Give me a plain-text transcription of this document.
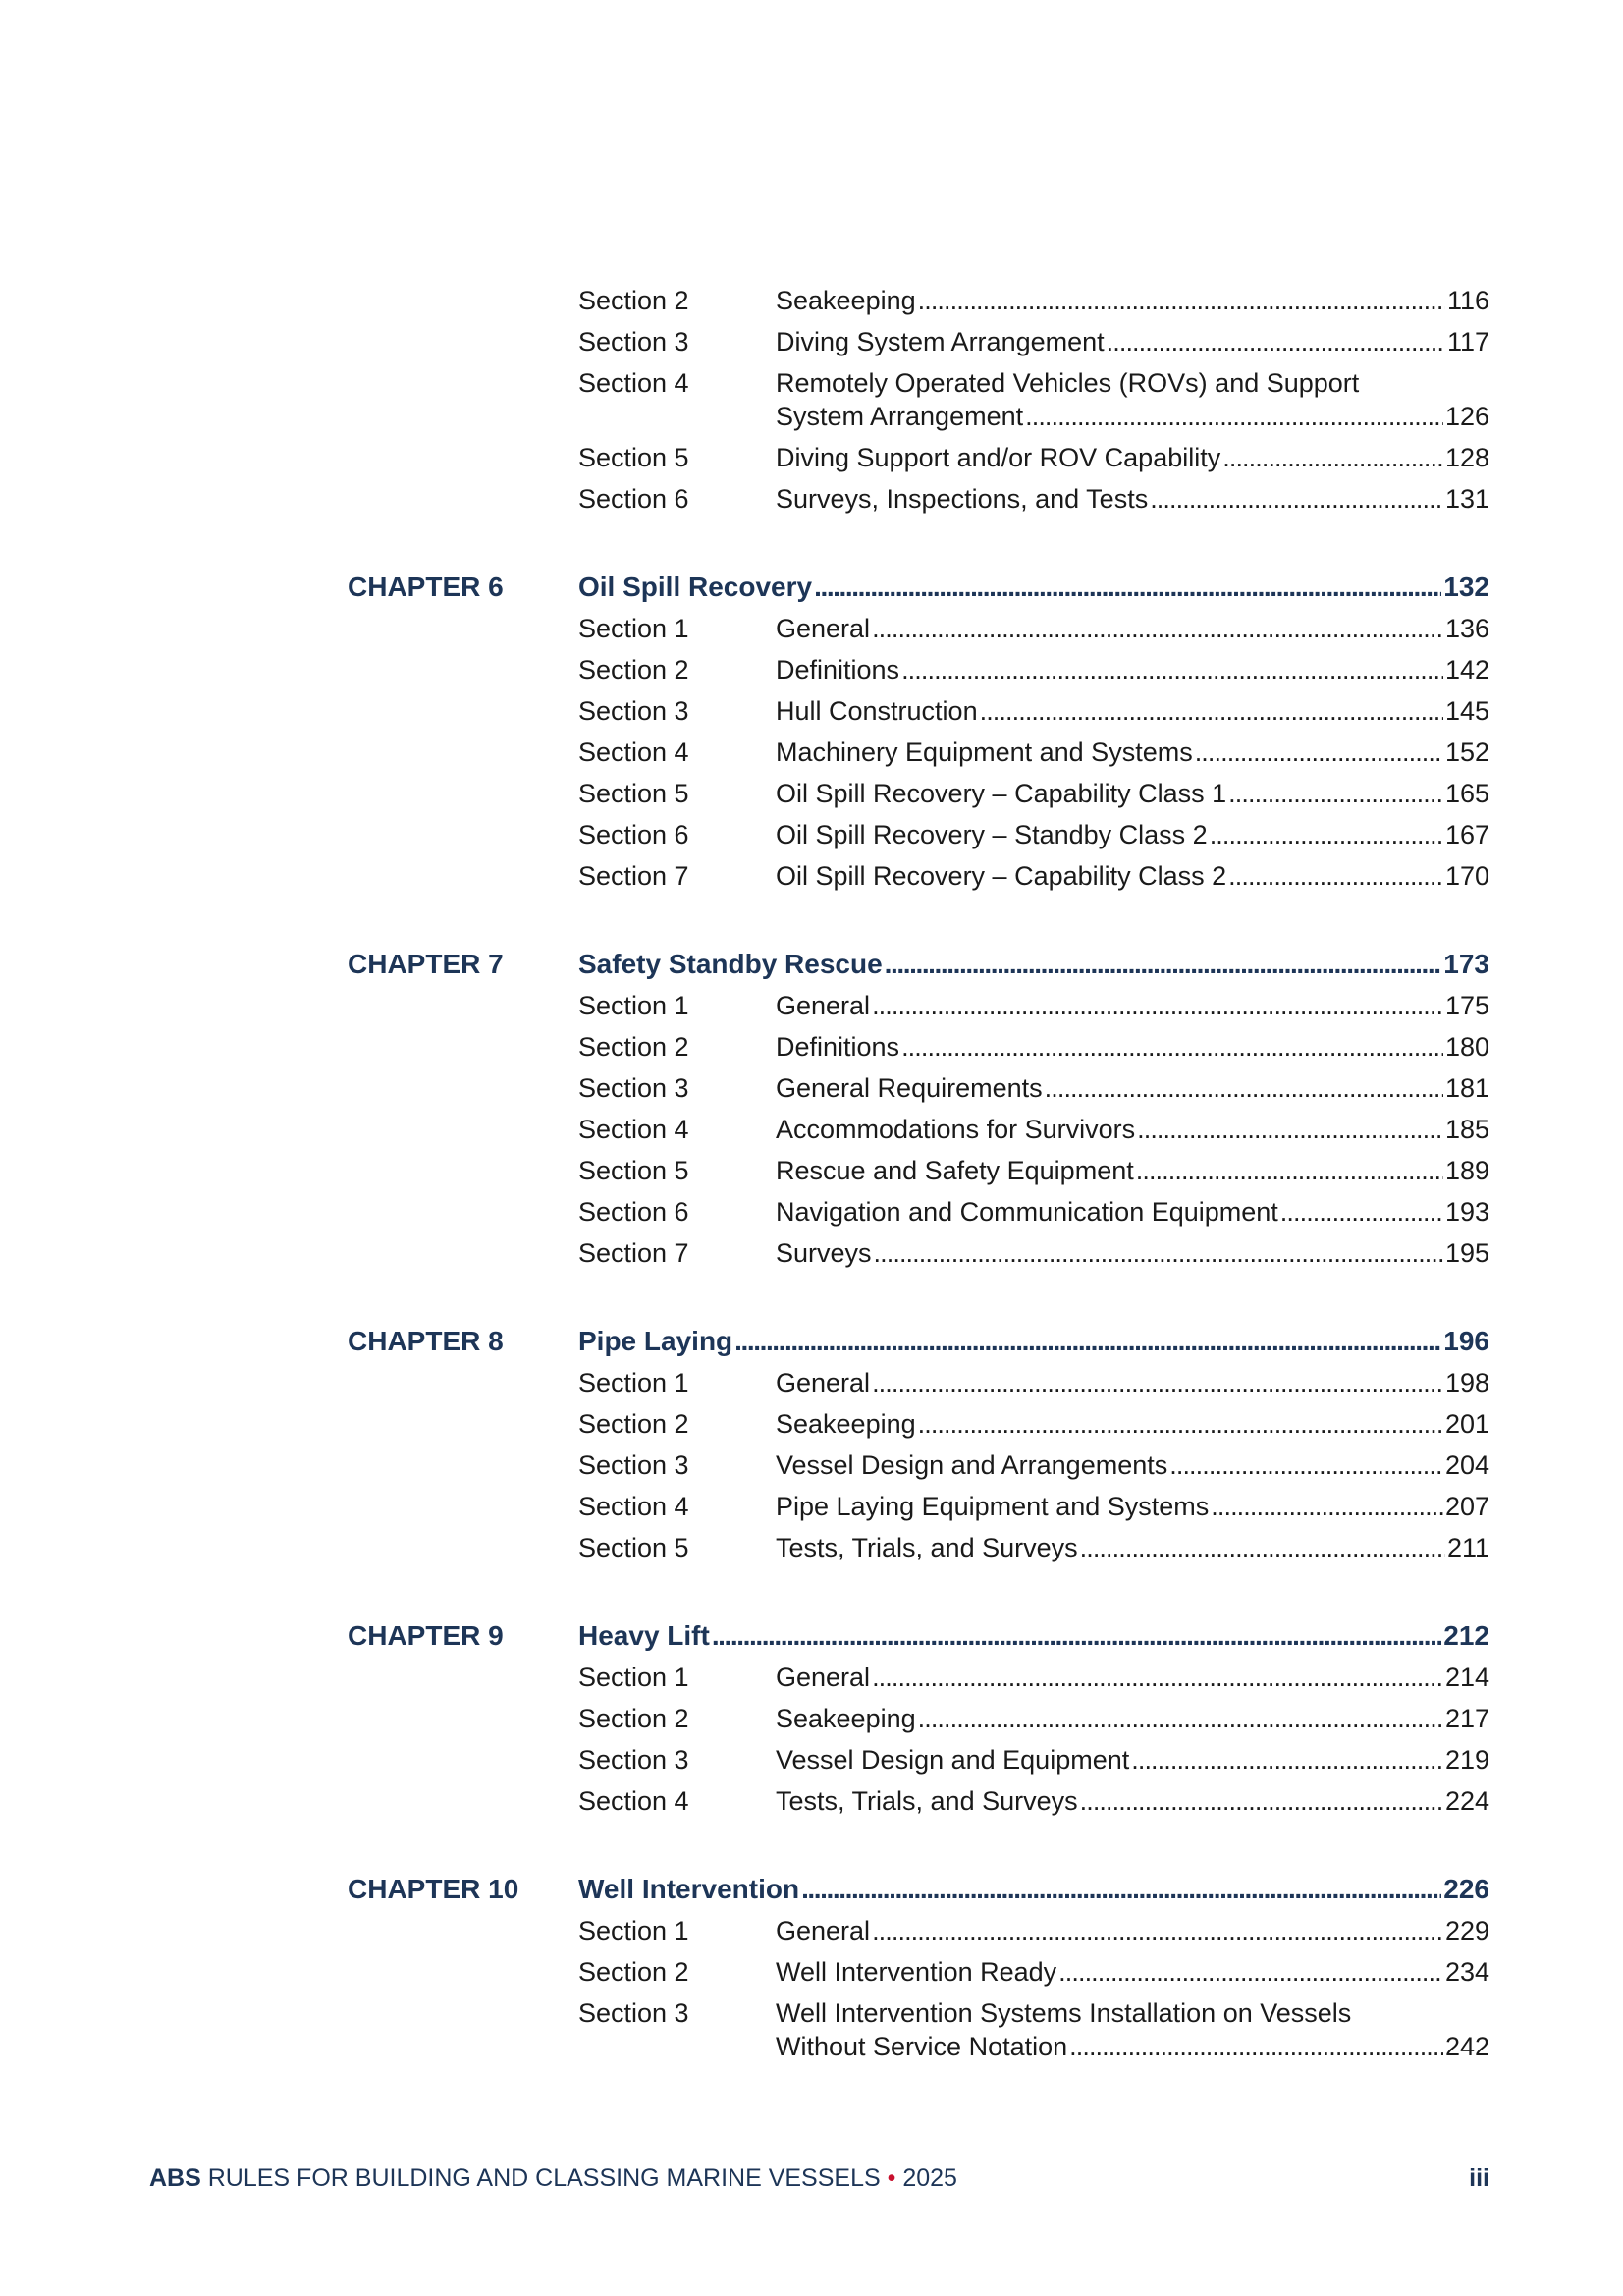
Section 2	Seakeeping . . .	116
Section 3	Diving System Arrangement . . .	117
Section 4	Remotely Operated Vehicles (ROVs) and Support
System Arrangement . . .	126
Section 5	Diving Support and/or ROV Capability . . .	128
Section 6	Surveys, Inspections, and Tests . . .	131
CHAPTER 6	Oil Spill Recovery . . .	132
Section 1	General . . .	136
Section 2	Definitions . . .	142
Section 3	Hull Construction . . .	145
Section 4	Machinery Equipment and Systems . . .	152
Section 5	Oil Spill Recovery – Capability Class 1 . . .	165
Section 6	Oil Spill Recovery – Standby Class 2 . . .	167
Section 7	Oil Spill Recovery – Capability Class 2 . . .	170
CHAPTER 7	Safety Standby Rescue . . .	173
Section 1	General . . .	175
Section 2	Definitions . . .	180
Section 3	General Requirements . . .	181
Section 4	Accommodations for Survivors . . .	185
Section 5	Rescue and Safety Equipment . . .	189
Section 6	Navigation and Communication Equipment . . .	193
Section 7	Surveys . . .	195
CHAPTER 8	Pipe Laying . . .	196
Section 1	General . . .	198
Section 2	Seakeeping . . .	201
Section 3	Vessel Design and Arrangements . . .	204
Section 4	Pipe Laying Equipment and Systems . . .	207
Section 5	Tests, Trials, and Surveys . . .	211
CHAPTER 9	Heavy Lift . . .	212
Section 1	General . . .	214
Section 2	Seakeeping . . .	217
Section 3	Vessel Design and Equipment . . .	219
Section 4	Tests, Trials, and Surveys . . .	224
CHAPTER 10 Well Intervention . . .	226
Section 1	General . . .	229
Section 2	Well Intervention Ready . . .	234
Section 3	Well Intervention Systems Installation on Vessels
Without Service Notation . . .	242
ABS RULES FOR BUILDING AND CLASSING MARINE VESSELS • 2025	iii
